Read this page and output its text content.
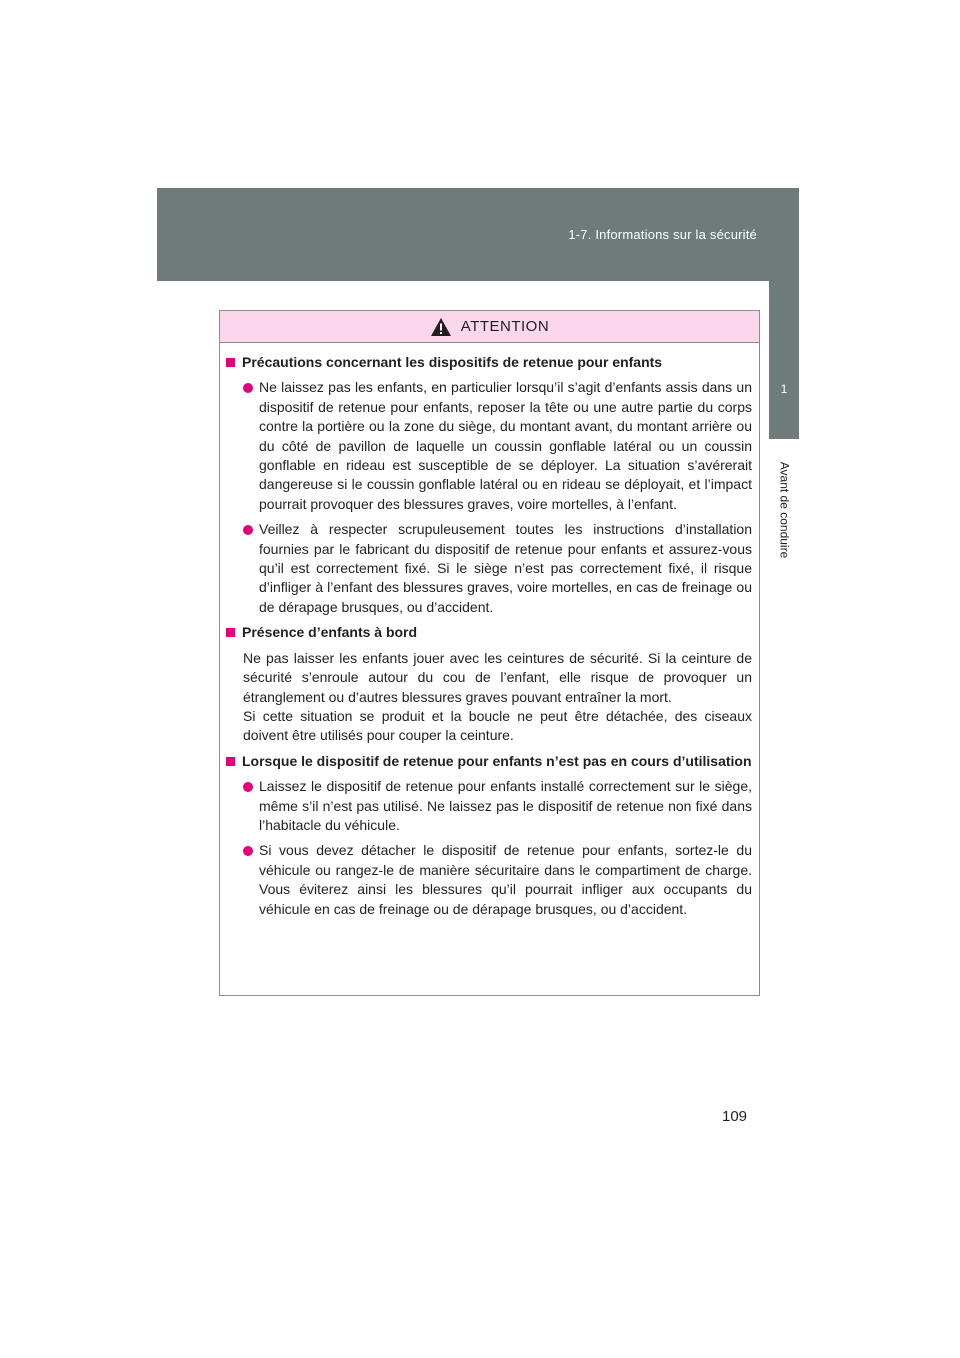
1-7. Informations sur la sécurité
1
Avant de conduire
ATTENTION
Précautions concernant les dispositifs de retenue pour enfants
Ne laissez pas les enfants, en particulier lorsqu’il s’agit d’enfants assis dans un dispositif de retenue pour enfants, reposer la tête ou une autre partie du corps contre la portière ou la zone du siège, du montant avant, du montant arrière ou du côté de pavillon de laquelle un coussin gonflable latéral ou un coussin gonflable en rideau est susceptible de se déployer. La situation s’avérerait dangereuse si le coussin gonflable latéral ou en rideau se déployait, et l’impact pourrait provoquer des blessures graves, voire mortelles, à l’enfant.
Veillez à respecter scrupuleusement toutes les instructions d’installation fournies par le fabricant du dispositif de retenue pour enfants et assurez-vous qu’il est correctement fixé. Si le siège n’est pas correctement fixé, il risque d’infliger à l’enfant des blessures graves, voire mortelles, en cas de freinage ou de dérapage brusques, ou d’accident.
Présence d’enfants à bord
Ne pas laisser les enfants jouer avec les ceintures de sécurité. Si la ceinture de sécurité s’enroule autour du cou de l’enfant, elle risque de provoquer un étranglement ou d’autres blessures graves pouvant entraîner la mort.
Si cette situation se produit et la boucle ne peut être détachée, des ciseaux doivent être utilisés pour couper la ceinture.
Lorsque le dispositif de retenue pour enfants n’est pas en cours d’utilisation
Laissez le dispositif de retenue pour enfants installé correctement sur le siège, même s’il n’est pas utilisé. Ne laissez pas le dispositif de retenue non fixé dans l’habitacle du véhicule.
Si vous devez détacher le dispositif de retenue pour enfants, sortez-le du véhicule ou rangez-le de manière sécuritaire dans le compartiment de charge. Vous éviterez ainsi les blessures qu’il pourrait infliger aux occupants du véhicule en cas de freinage ou de dérapage brusques, ou d’accident.
109
